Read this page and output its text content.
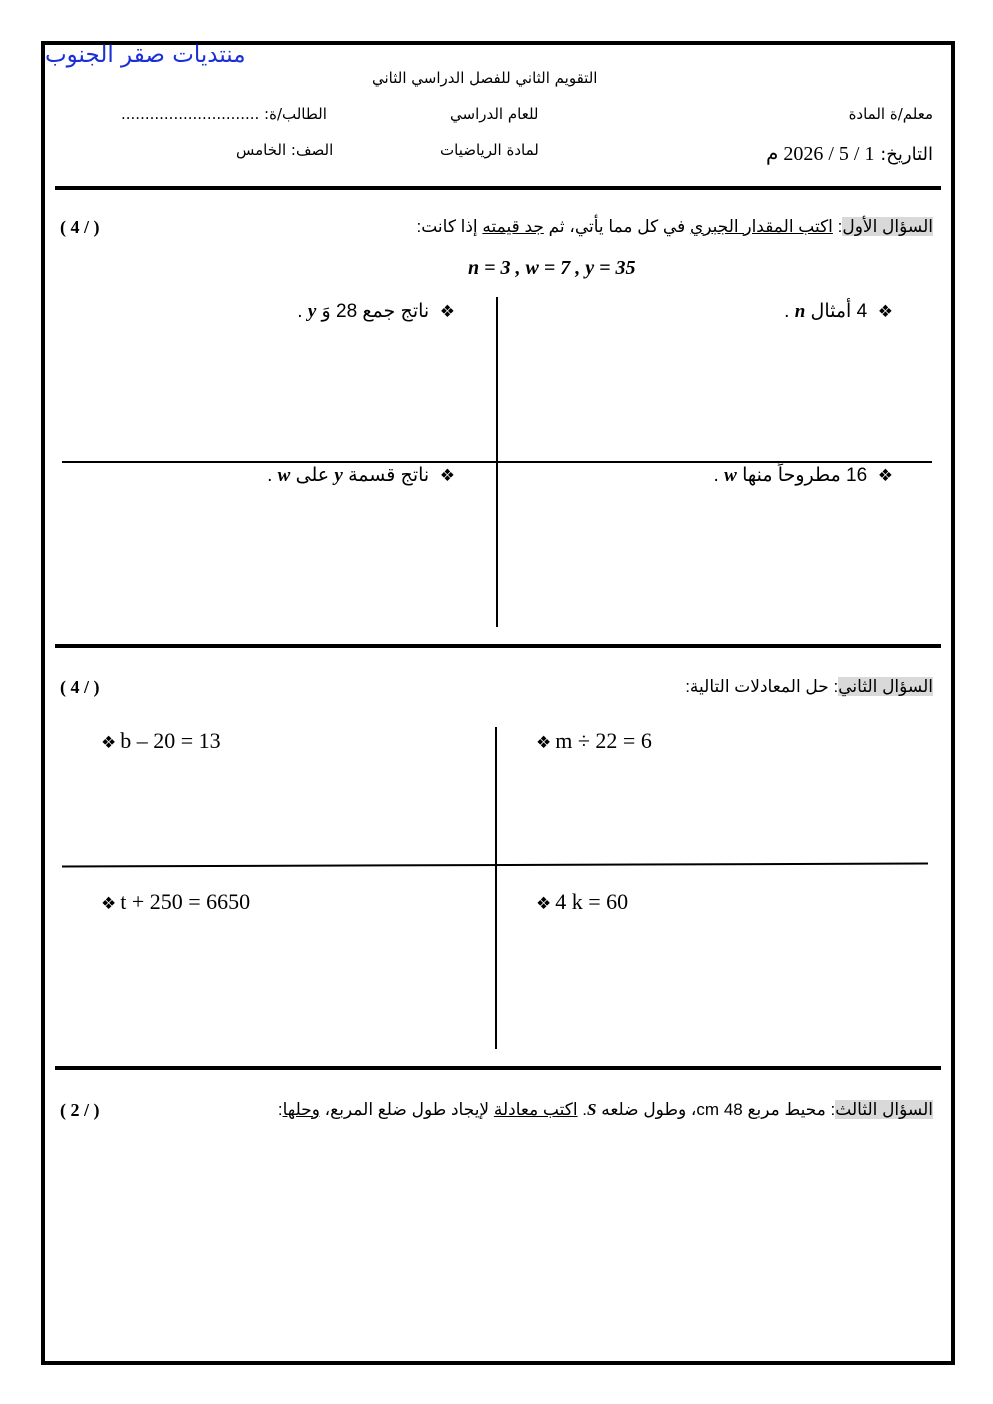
منتديات صقر الجنوب
التقويم الثاني للفصل الدراسي الثاني
معلم/ة المادة
للعام الدراسي
الطالب/ة: .............................
التاريخ: 1 / 5 / 2026 م
لمادة الرياضيات
الصف: الخامس
السؤال الأول: اكتب المقدار الجبري في كل مما يأتي، ثم جد قيمته إذا كانت:
( 4 / )
n = 3 , w = 7 , y = 35
❖  4 أمثال n .
❖  ناتج جمع 28 وَ y .
❖  16 مطروحاً منها w .
❖  ناتج قسمة y على w .
السؤال الثاني: حل المعادلات التالية:
( 4 / )
❖ m ÷ 22 = 6
❖ b – 20 = 13
❖ 4 k = 60
❖ t + 250 = 6650
السؤال الثالث: محيط مربع 48 cm، وطول ضلعه S. اكتب معادلة لإيجاد طول ضلع المربع، وحلها:
( 2 / )
